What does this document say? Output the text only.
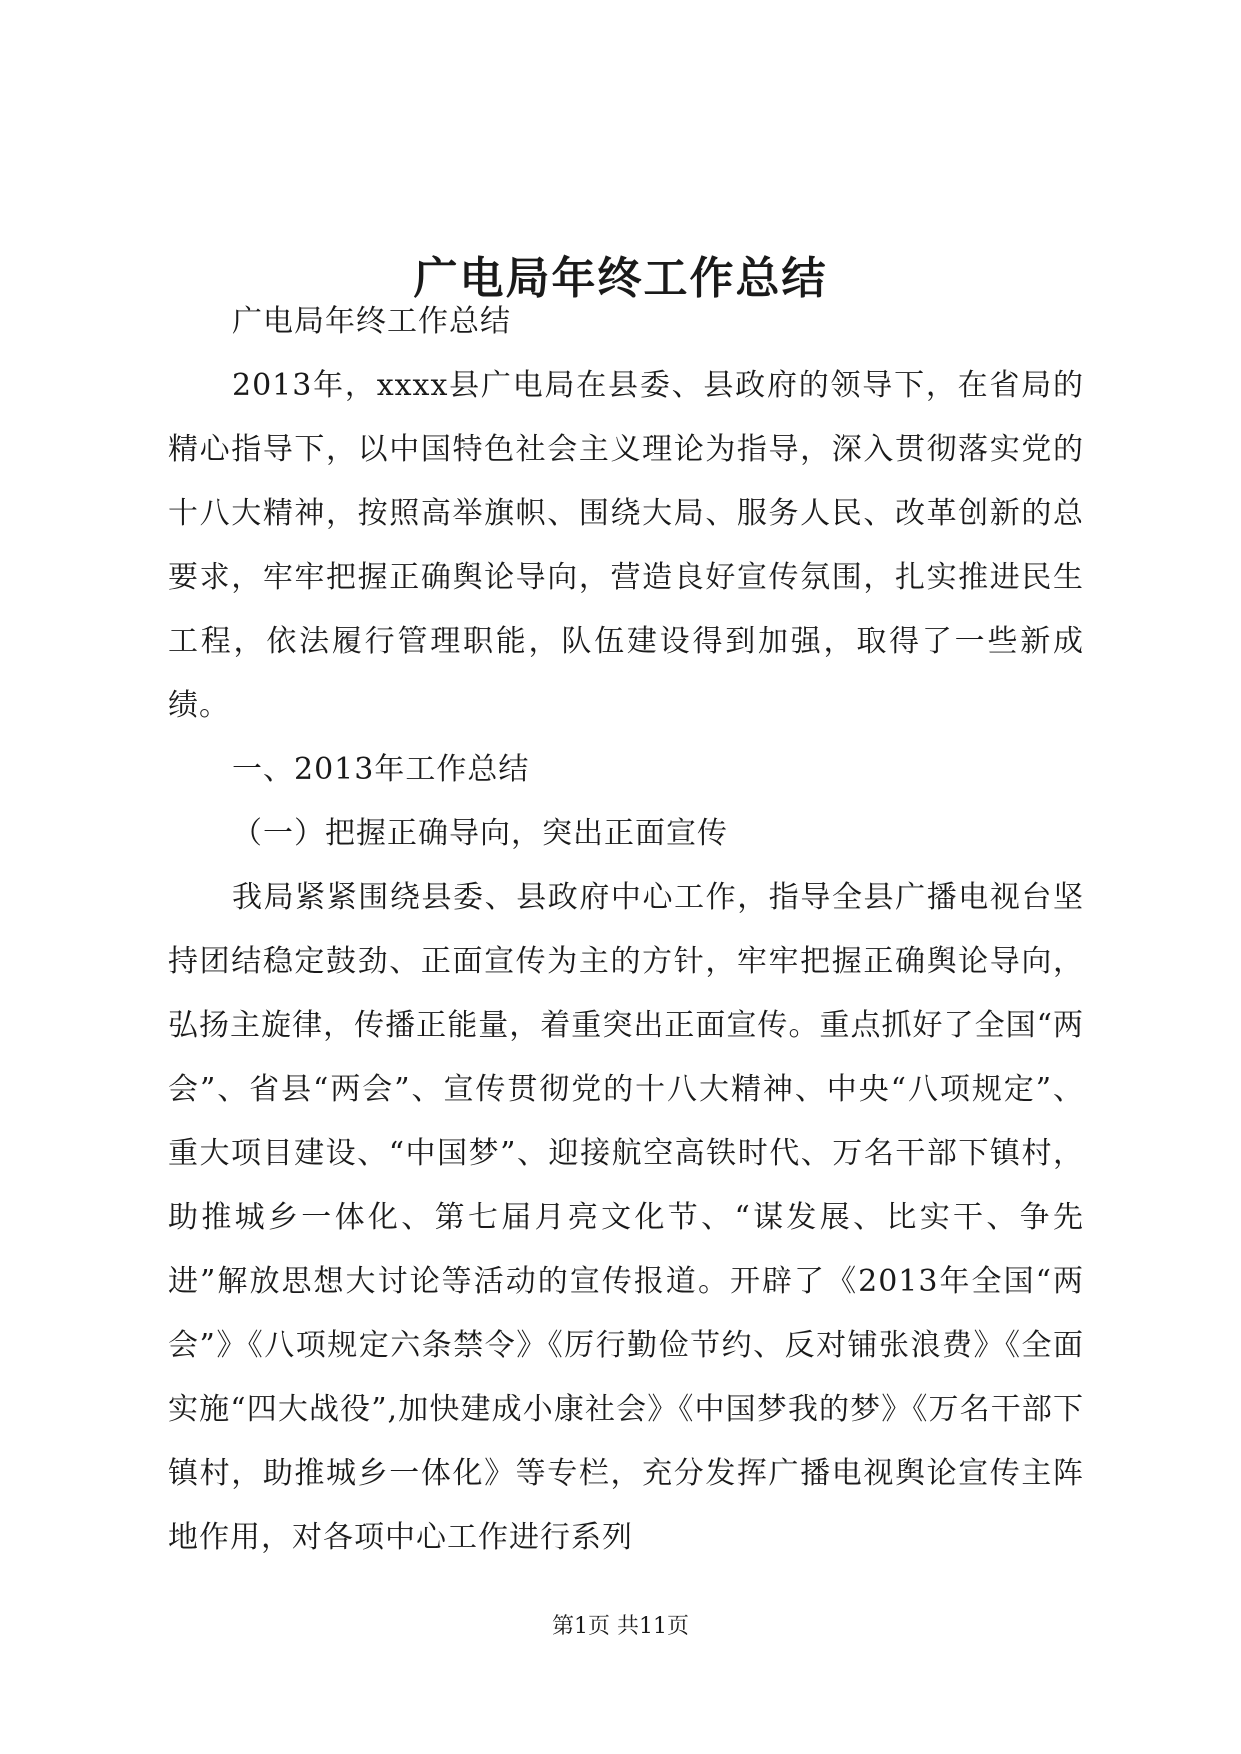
广电局年终工作总结

广电局年终工作总结

2013年，xxxx县广电局在县委、县政府的领导下，在省局的精心指导下，以中国特色社会主义理论为指导，深入贯彻落实党的十八大精神，按照高举旗帜、围绕大局、服务人民、改革创新的总要求，牢牢把握正确舆论导向，营造良好宣传氛围，扎实推进民生工程，依法履行管理职能，队伍建设得到加强，取得了一些新成绩。

一、2013年工作总结

（一）把握正确导向，突出正面宣传

我局紧紧围绕县委、县政府中心工作，指导全县广播电视台坚持团结稳定鼓劲、正面宣传为主的方针，牢牢把握正确舆论导向，弘扬主旋律，传播正能量，着重突出正面宣传。重点抓好了全国“两会”、省县“两会”、宣传贯彻党的十八大精神、中央“八项规定”、重大项目建设、“中国梦”、迎接航空高铁时代、万名干部下镇村，助推城乡一体化、第七届月亮文化节、“谋发展、比实干、争先进”解放思想大讨论等活动的宣传报道。开辟了《2013年全国“两会”》《八项规定六条禁令》《厉行勤俭节约、反对铺张浪费》《全面实施“四大战役”,加快建成小康社会》《中国梦我的梦》《万名干部下镇村，助推城乡一体化》等专栏，充分发挥广播电视舆论宣传主阵地作用，对各项中心工作进行系列

第1页 共11页
